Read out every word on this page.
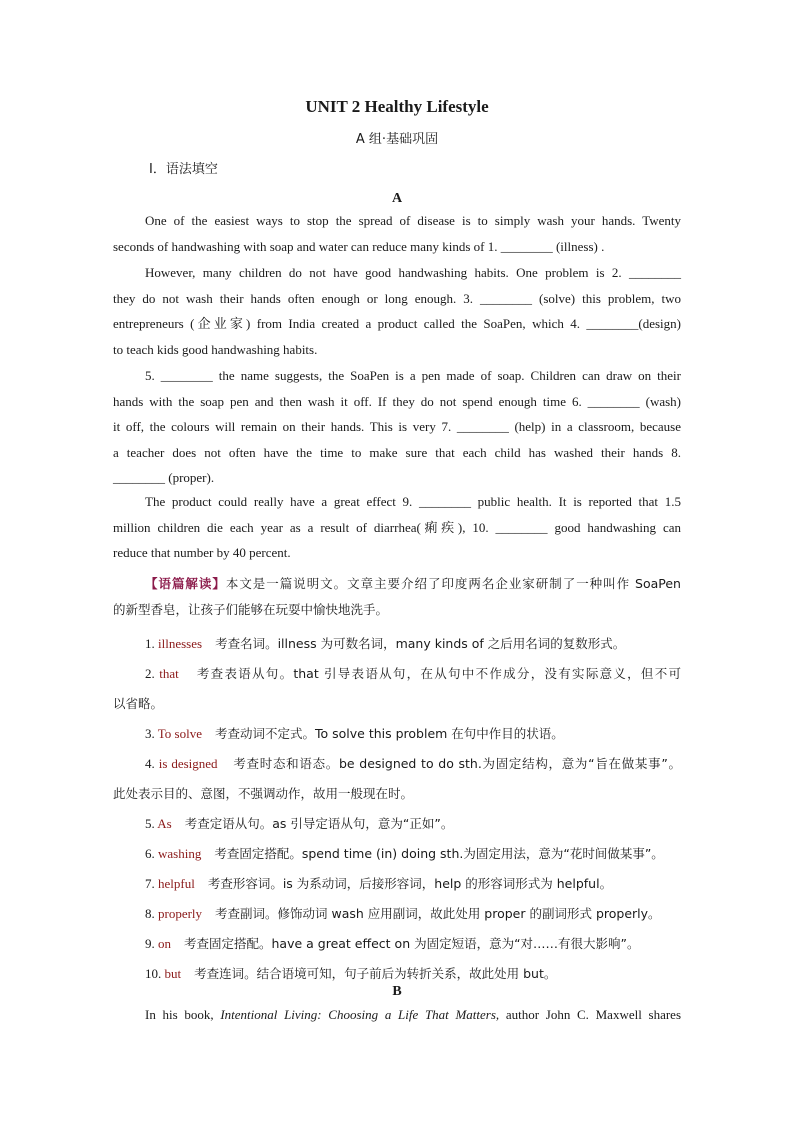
UNIT 2 Healthy Lifestyle
A 组·基础巩固
Ⅰ．语法填空
A
One of the easiest ways to stop the spread of disease is to simply wash your hands. Twenty
seconds of handwashing with soap and water can reduce many kinds of 1. ________ (illness) .
However, many children do not have good handwashing habits. One problem is 2. ________
they do not wash their hands often enough or long enough. 3. ________ (solve) this problem, two
entrepreneurs (企业家) from India created a product called the SoaPen, which 4. ________(design)
to teach kids good handwashing habits.
5. ________ the name suggests, the SoaPen is a pen made of soap. Children can draw on their
hands with the soap pen and then wash it off. If they do not spend enough time 6. ________ (wash)
it off, the colours will remain on their hands. This is very 7. ________ (help) in a classroom, because
a teacher does not often have the time to make sure that each child has washed their hands 8.
________ (proper).
The product could really have a great effect 9. ________ public health. It is reported that 1.5
million children die each year as a result of diarrhea(痢疾), 10. ________ good handwashing can
reduce that number by 40 percent.
【语篇解读】本文是一篇说明文。文章主要介绍了印度两名企业家研制了一种叫作 SoaPen
的新型香皂，让孩子们能够在玩耍中愉快地洗手。
1. illnesses 考查名词。illness 为可数名词，many kinds of 之后用名词的复数形式。
2. that 考查表语从句。that 引导表语从句，在从句中不作成分，没有实际意义，但不可
以省略。
3. To solve 考查动词不定式。To solve this problem 在句中作目的状语。
4. is designed 考查时态和语态。be designed to do sth.为固定结构，意为“旨在做某事”。
此处表示目的、意图，不强调动作，故用一般现在时。
5. As 考查定语从句。as 引导定语从句，意为“正如”。
6. washing 考查固定搭配。spend time (in) doing sth.为固定用法，意为“花时间做某事”。
7. helpful 考查形容词。is 为系动词，后接形容词，help 的形容词形式为 helpful。
8. properly 考查副词。修饰动词 wash 应用副词，故此处用 proper 的副词形式 properly。
9. on 考查固定搭配。have a great effect on 为固定短语，意为“对……有很大影响”。
10. but 考查连词。结合语境可知，句子前后为转折关系，故此处用 but。
B
In his book, Intentional Living: Choosing a Life That Matters, author John C. Maxwell shares
